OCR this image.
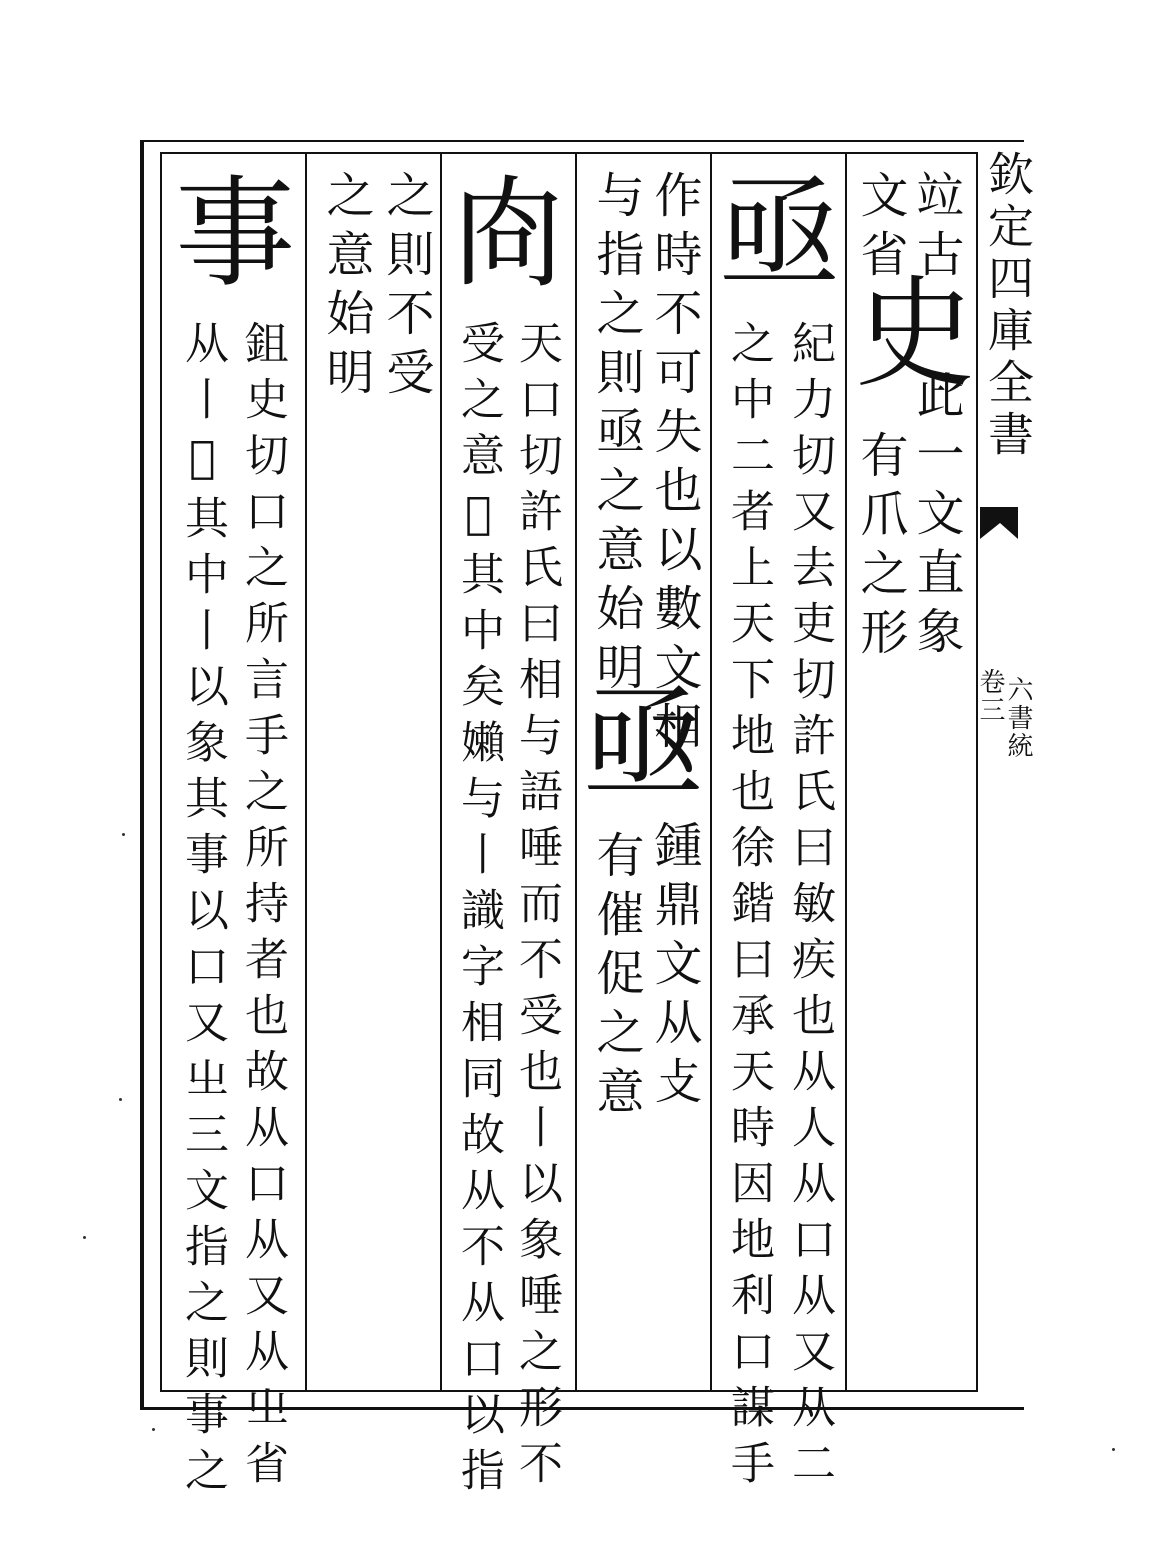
欽定四庫全書
卷三
六書統
竝古
文省
史
此一文直象
有爪之形
亟
紀力切又去吏切許氏曰敏疾也从人从口从又从二
之中二者上天下地也徐鍇曰承天時因地利口謀手
作時不可失也以數文相
亟
鍾鼎文从攴
与指之則亟之意始明
有催促之意
㕯
天口切許氏曰相与語唾而不受也丨以象唾之形不
受之意𡉉其中矣嬾与丨識字相同故从不从口以指
之則不受
之意始明
事
鉏史切口之所言手之所持者也故从口从又从㞢省
从丨𡉉其中丨以象其事以口又㞢三文指之則事之
